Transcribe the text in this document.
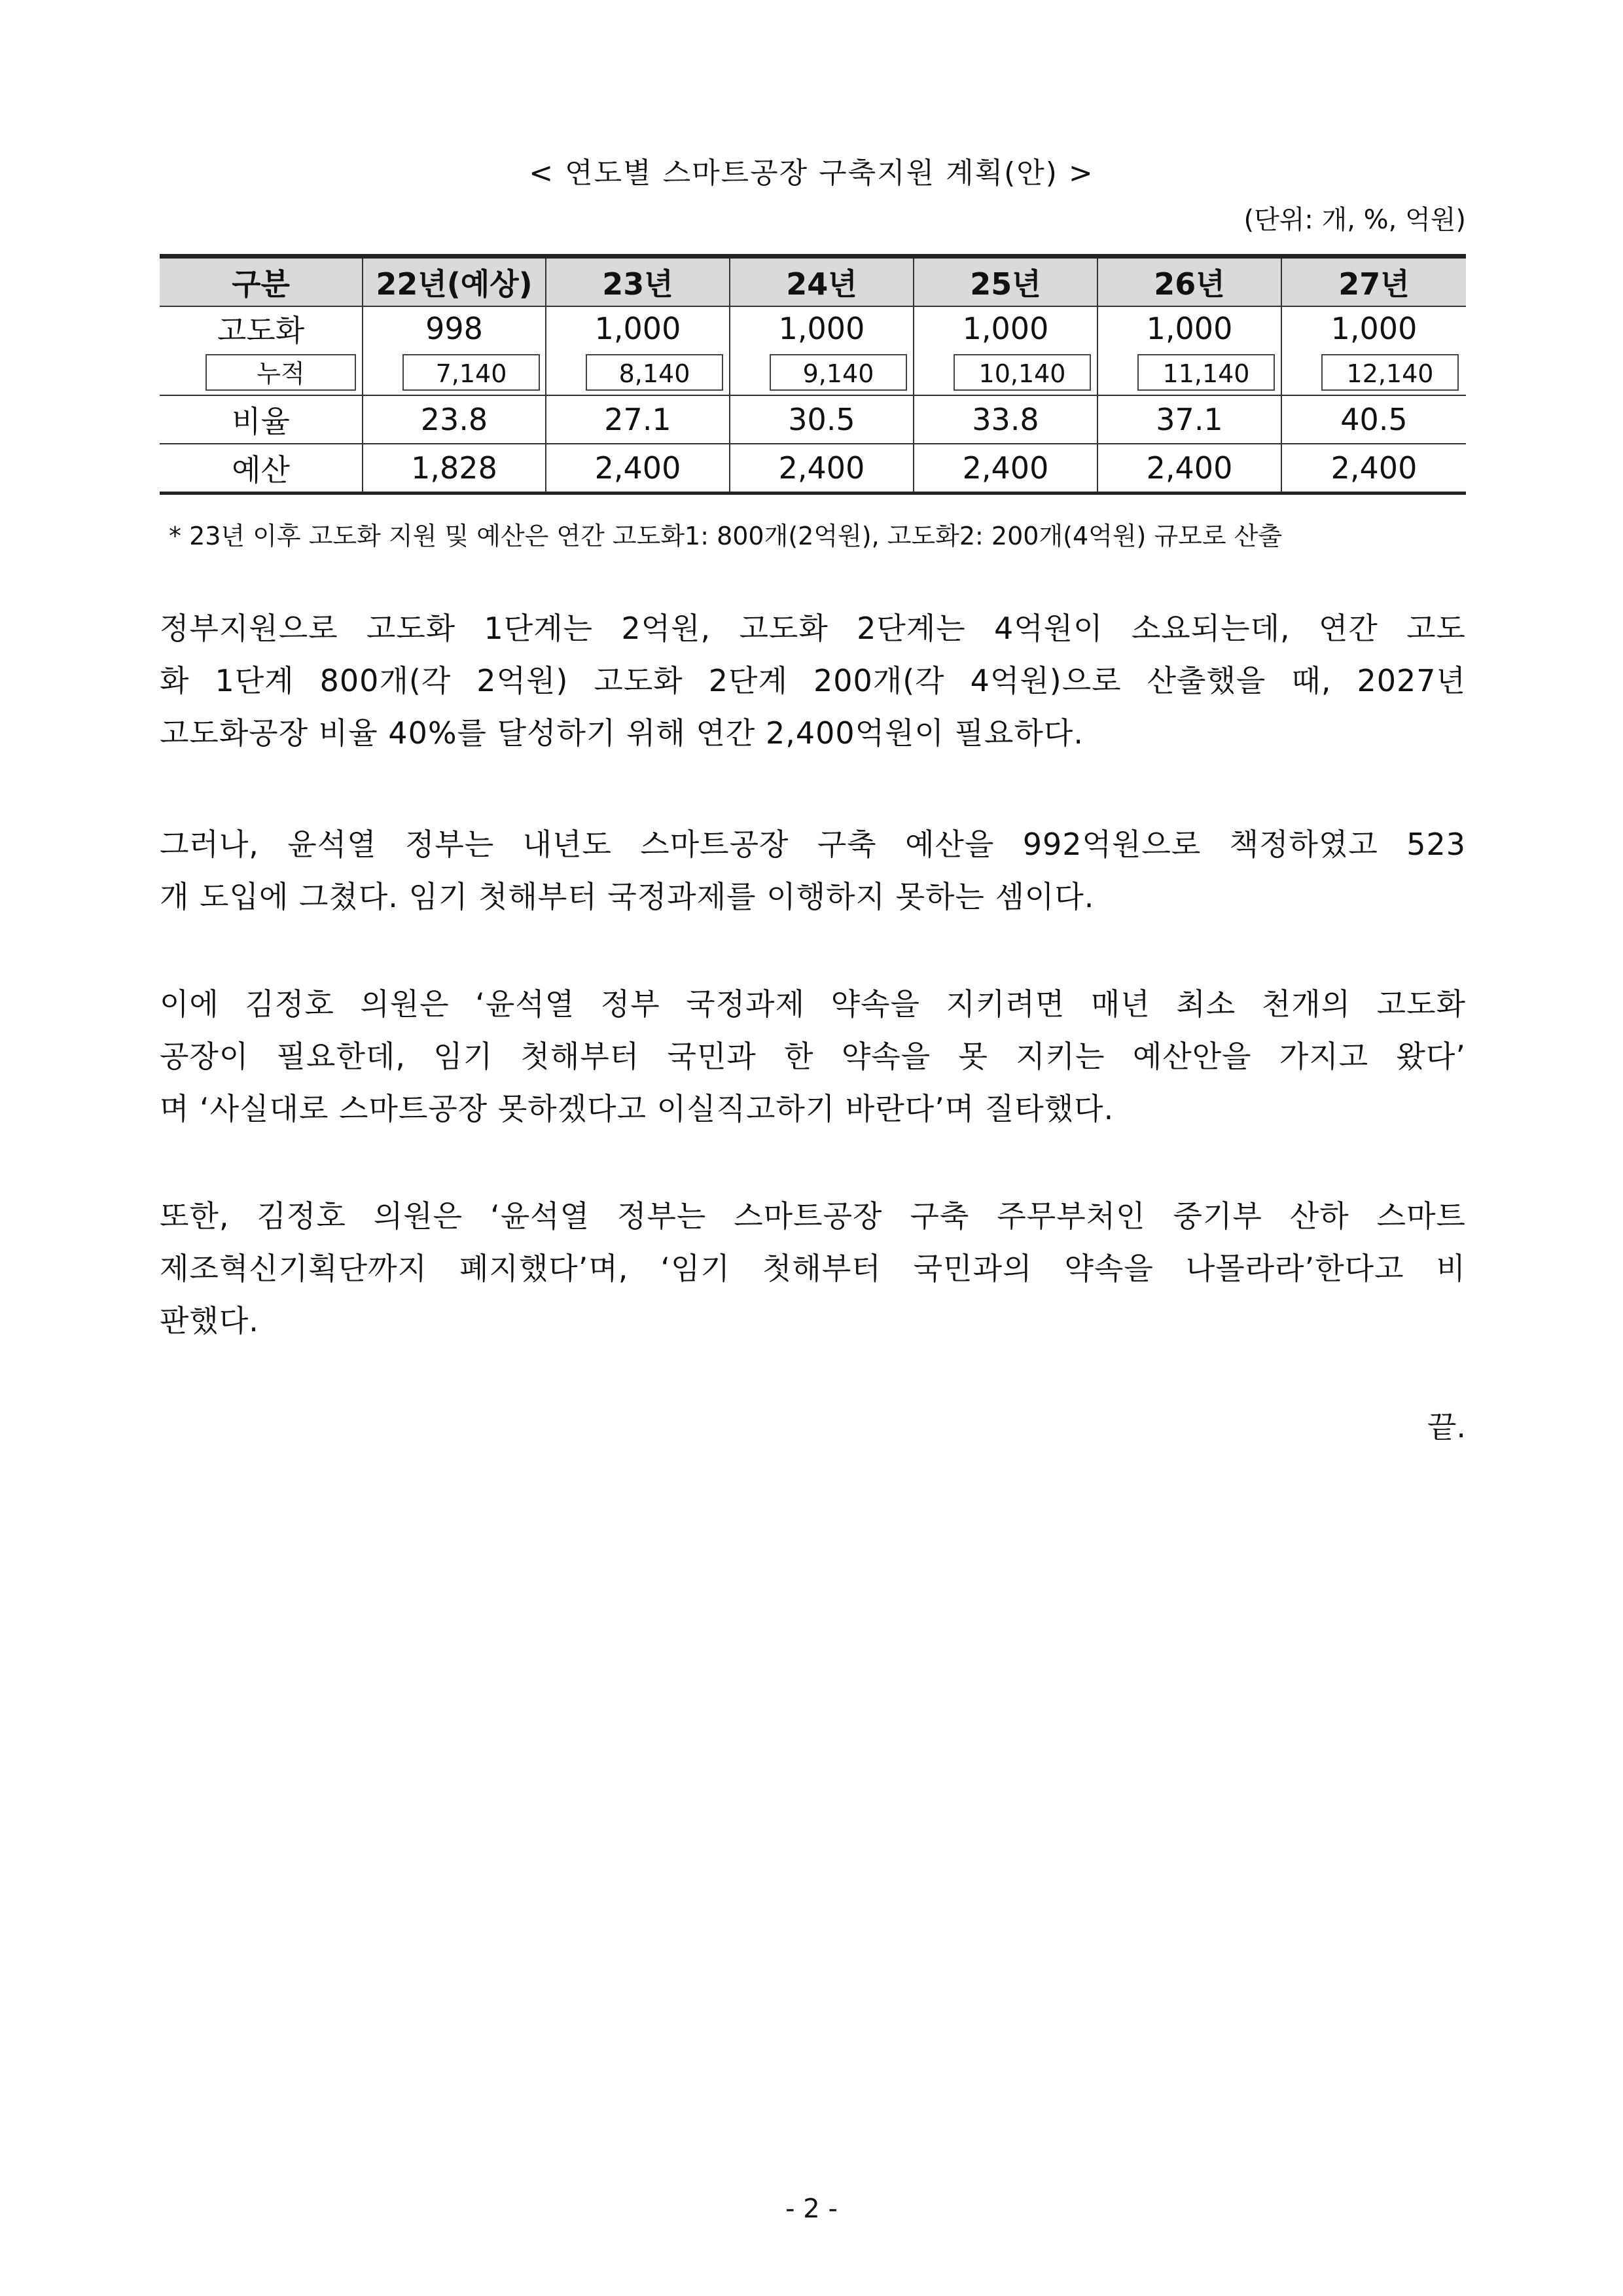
< 연도별 스마트공장 구축지원 계획(안) >
(단위: 개, %, 억원)
구분	22년(예상)	23년	24년	25년	26년	27년
고도화	998	1,000	1,000	1,000	1,000	1,000
누적	7,140	8,140	9,140	10,140	11,140	12,140
비율	23.8	27.1	30.5	33.8	37.1	40.5
예산	1,828	2,400	2,400	2,400	2,400	2,400
* 23년 이후 고도화 지원 및 예산은 연간 고도화1: 800개(2억원), 고도화2: 200개(4억원) 규모로 산출
정부지원으로 고도화 1단계는 2억원, 고도화 2단계는 4억원이 소요되는데, 연간 고도
화 1단계 800개(각 2억원) 고도화 2단계 200개(각 4억원)으로 산출했을 때, 2027년
고도화공장 비율 40%를 달성하기 위해 연간 2,400억원이 필요하다.
그러나, 윤석열 정부는 내년도 스마트공장 구축 예산을 992억원으로 책정하였고 523
개 도입에 그쳤다. 임기 첫해부터 국정과제를 이행하지 못하는 셈이다.
이에 김정호 의원은 ‘윤석열 정부 국정과제 약속을 지키려면 매년 최소 천개의 고도화
공장이 필요한데, 임기 첫해부터 국민과 한 약속을 못 지키는 예산안을 가지고 왔다’
며 ‘사실대로 스마트공장 못하겠다고 이실직고하기 바란다’며 질타했다.
또한, 김정호 의원은 ‘윤석열 정부는 스마트공장 구축 주무부처인 중기부 산하 스마트
제조혁신기획단까지 폐지했다’며, ‘임기 첫해부터 국민과의 약속을 나몰라라’한다고 비
판했다.
끝.
- 2 -
